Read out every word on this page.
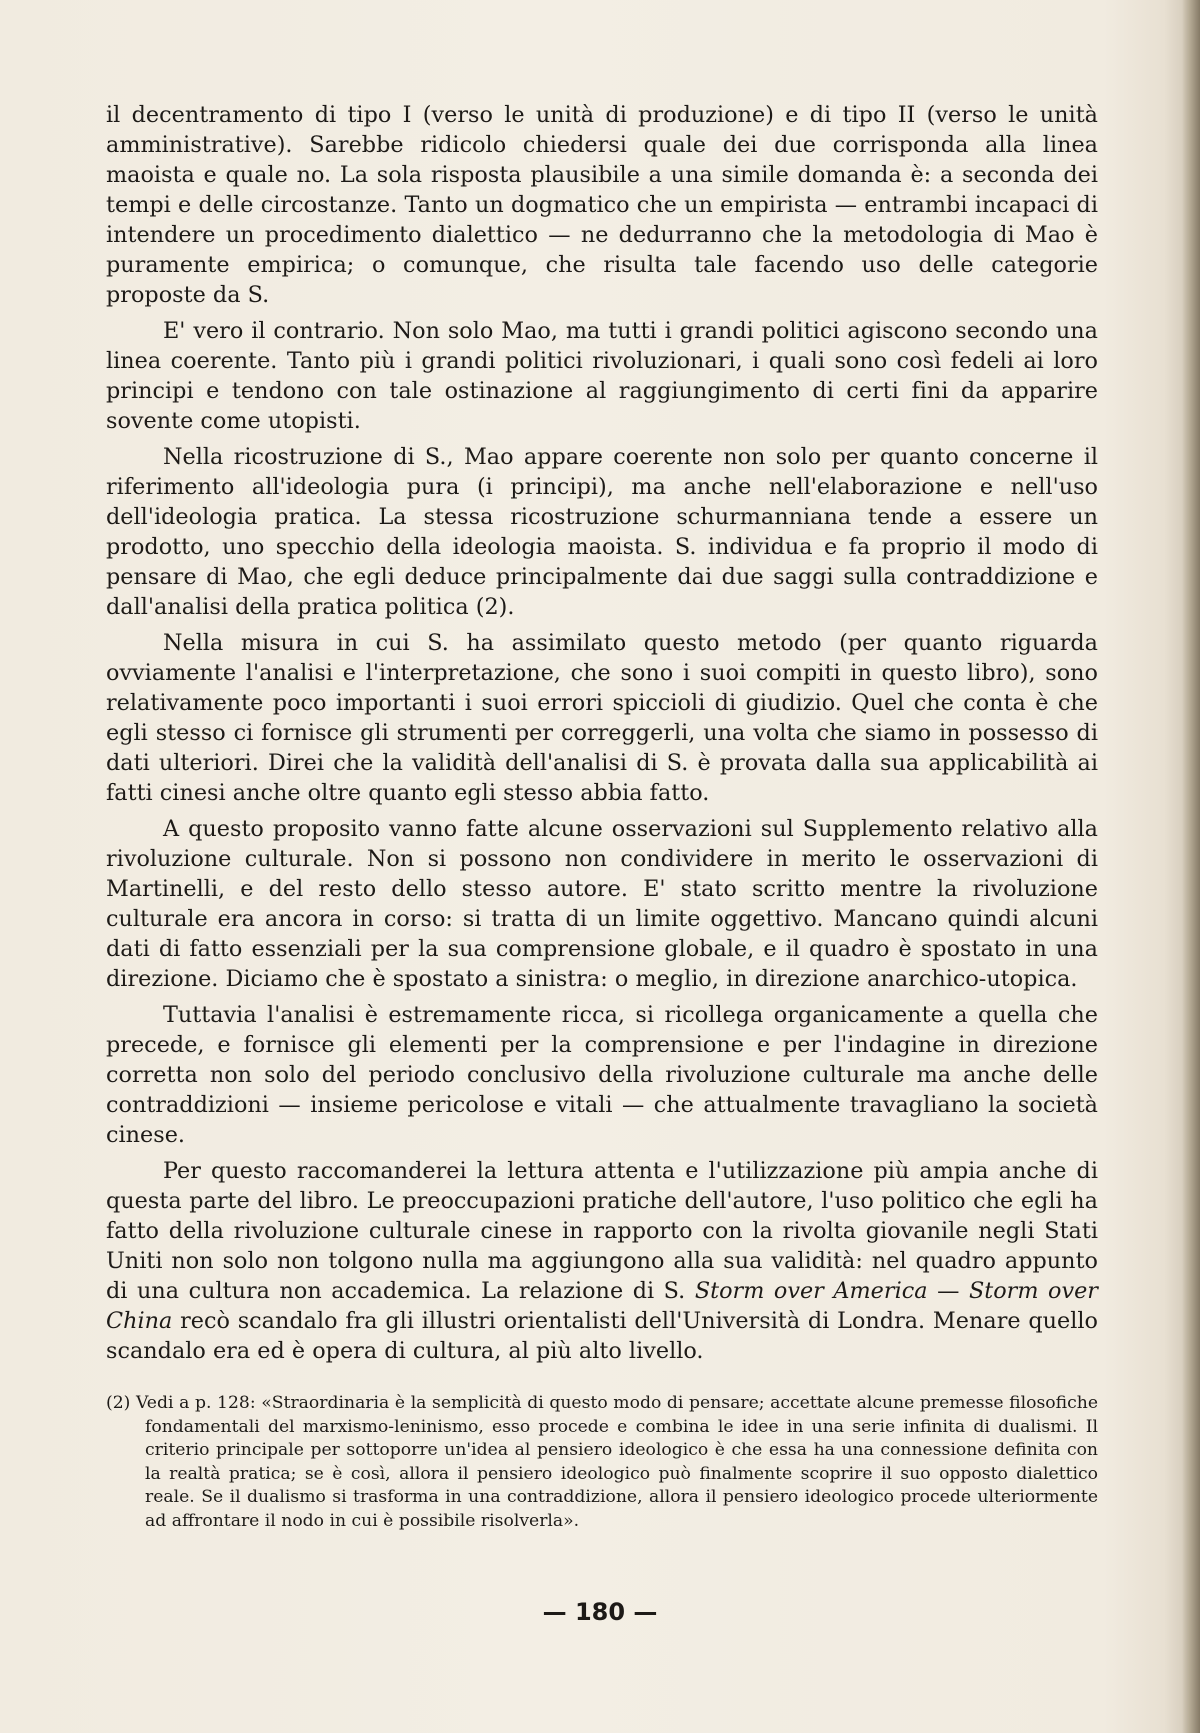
il decentramento di tipo I (verso le unità di produzione) e di tipo II (verso le unità amministrative). Sarebbe ridicolo chiedersi quale dei due corrisponda alla linea maoista e quale no. La sola risposta plausibile a una simile domanda è: a seconda dei tempi e delle circostanze. Tanto un dogmatico che un empirista — entrambi incapaci di intendere un procedimento dialettico — ne dedurranno che la metodologia di Mao è puramente empirica; o comunque, che risulta tale facendo uso delle categorie proposte da S.

E' vero il contrario. Non solo Mao, ma tutti i grandi politici agiscono secondo una linea coerente. Tanto più i grandi politici rivoluzionari, i quali sono così fedeli ai loro principi e tendono con tale ostinazione al raggiungimento di certi fini da apparire sovente come utopisti.

Nella ricostruzione di S., Mao appare coerente non solo per quanto concerne il riferimento all'ideologia pura (i principi), ma anche nell'elaborazione e nell'uso dell'ideologia pratica. La stessa ricostruzione schurmanniana tende a essere un prodotto, uno specchio della ideologia maoista. S. individua e fa proprio il modo di pensare di Mao, che egli deduce principalmente dai due saggi sulla contraddizione e dall'analisi della pratica politica (2).

Nella misura in cui S. ha assimilato questo metodo (per quanto riguarda ovviamente l'analisi e l'interpretazione, che sono i suoi compiti in questo libro), sono relativamente poco importanti i suoi errori spiccioli di giudizio. Quel che conta è che egli stesso ci fornisce gli strumenti per correggerli, una volta che siamo in possesso di dati ulteriori. Direi che la validità dell'analisi di S. è provata dalla sua applicabilità ai fatti cinesi anche oltre quanto egli stesso abbia fatto.

A questo proposito vanno fatte alcune osservazioni sul Supplemento relativo alla rivoluzione culturale. Non si possono non condividere in merito le osservazioni di Martinelli, e del resto dello stesso autore. E' stato scritto mentre la rivoluzione culturale era ancora in corso: si tratta di un limite oggettivo. Mancano quindi alcuni dati di fatto essenziali per la sua comprensione globale, e il quadro è spostato in una direzione. Diciamo che è spostato a sinistra: o meglio, in direzione anarchico-utopica.

Tuttavia l'analisi è estremamente ricca, si ricollega organicamente a quella che precede, e fornisce gli elementi per la comprensione e per l'indagine in direzione corretta non solo del periodo conclusivo della rivoluzione culturale ma anche delle contraddizioni — insieme pericolose e vitali — che attualmente travagliano la società cinese.

Per questo raccomanderei la lettura attenta e l'utilizzazione più ampia anche di questa parte del libro. Le preoccupazioni pratiche dell'autore, l'uso politico che egli ha fatto della rivoluzione culturale cinese in rapporto con la rivolta giovanile negli Stati Uniti non solo non tolgono nulla ma aggiungono alla sua validità: nel quadro appunto di una cultura non accademica. La relazione di S. Storm over America — Storm over China recò scandalo fra gli illustri orientalisti dell'Università di Londra. Menare quello scandalo era ed è opera di cultura, al più alto livello.

(2) Vedi a p. 128: «Straordinaria è la semplicità di questo modo di pensare; accettate alcune premesse filosofiche fondamentali del marxismo-leninismo, esso procede e combina le idee in una serie infinita di dualismi. Il criterio principale per sottoporre un'idea al pensiero ideologico è che essa ha una connessione definita con la realtà pratica; se è così, allora il pensiero ideologico può finalmente scoprire il suo opposto dialettico reale. Se il dualismo si trasforma in una contraddizione, allora il pensiero ideologico procede ulteriormente ad affrontare il nodo in cui è possibile risolverla».

— 180 —
